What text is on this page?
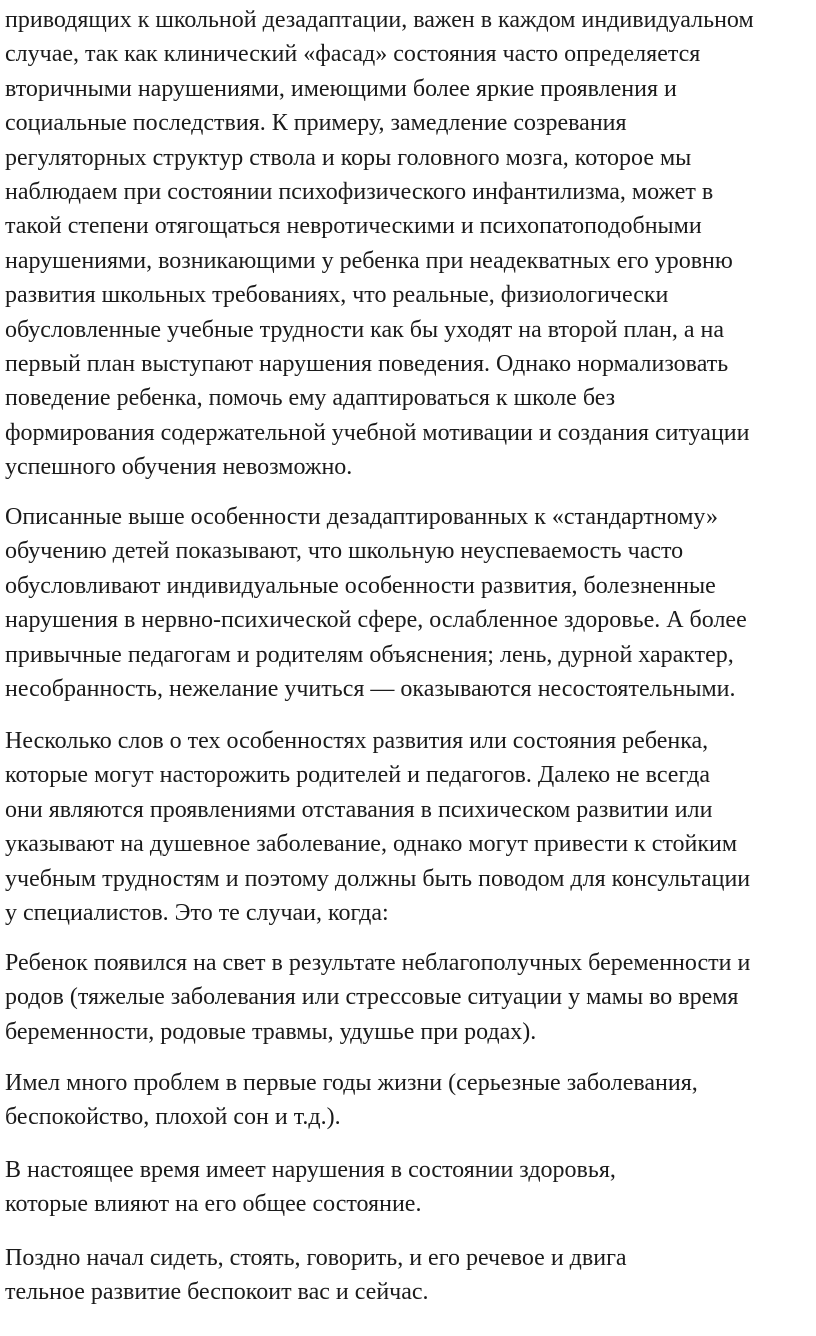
приводящих к школьной дезадаптации, важен в каждом индивидуальном
случае, так как клинический «фасад» состояния часто определяется
вторичными нарушениями, имеющими более яркие проявления и
социальные последствия. К примеру, замедление созревания
регуляторных структур ствола и коры головного мозга, которое мы
наблюдаем при состоянии психофизического инфантилизма, может в
такой степени отягощаться невротическими и психопатоподобными
нарушениями, возникающими у ребенка при неадекватных его уровню
развития школьных требованиях, что реальные, физиологически
обусловленные учебные трудности как бы уходят на второй план, а на
первый план выступают нарушения поведения. Однако нормализовать
поведение ребенка, помочь ему адаптироваться к школе без
формирования содержательной учебной мотивации и создания ситуации
успешного обучения невозможно.

Описанные выше особенности дезадаптированных к «стандартному»
обучению детей показывают, что школьную неуспеваемость часто
обусловливают индивидуальные особенности развития, болезненные
нарушения в нервно-психической сфере, ослабленное здоровье. А более
привычные педагогам и родителям объяснения; лень, дурной характер,
несобранность, нежелание учиться — оказываются несостоятельными.

Несколько слов о тех особенностях развития или состояния ребенка,
которые могут насторожить родителей и педагогов. Далеко не всегда
они являются проявлениями отставания в психическом развитии или
указывают на душевное заболевание, однако могут привести к стойким
учебным трудностям и поэтому должны быть поводом для консультации
у специалистов. Это те случаи, когда:

Ребенок появился на свет в результате неблагополучных беременности и
родов (тяжелые заболевания или стрессовые ситуации у мамы во время
беременности, родовые травмы, удушье при родах).

Имел много проблем в первые годы жизни (серьезные заболевания,
беспокойство, плохой сон и т.д.).

В настоящее время имеет нарушения в состоянии здоровья,
которые влияют на его общее состояние.

Поздно начал сидеть, стоять, говорить, и его речевое и двига
тельное развитие беспокоит вас и сейчас.
